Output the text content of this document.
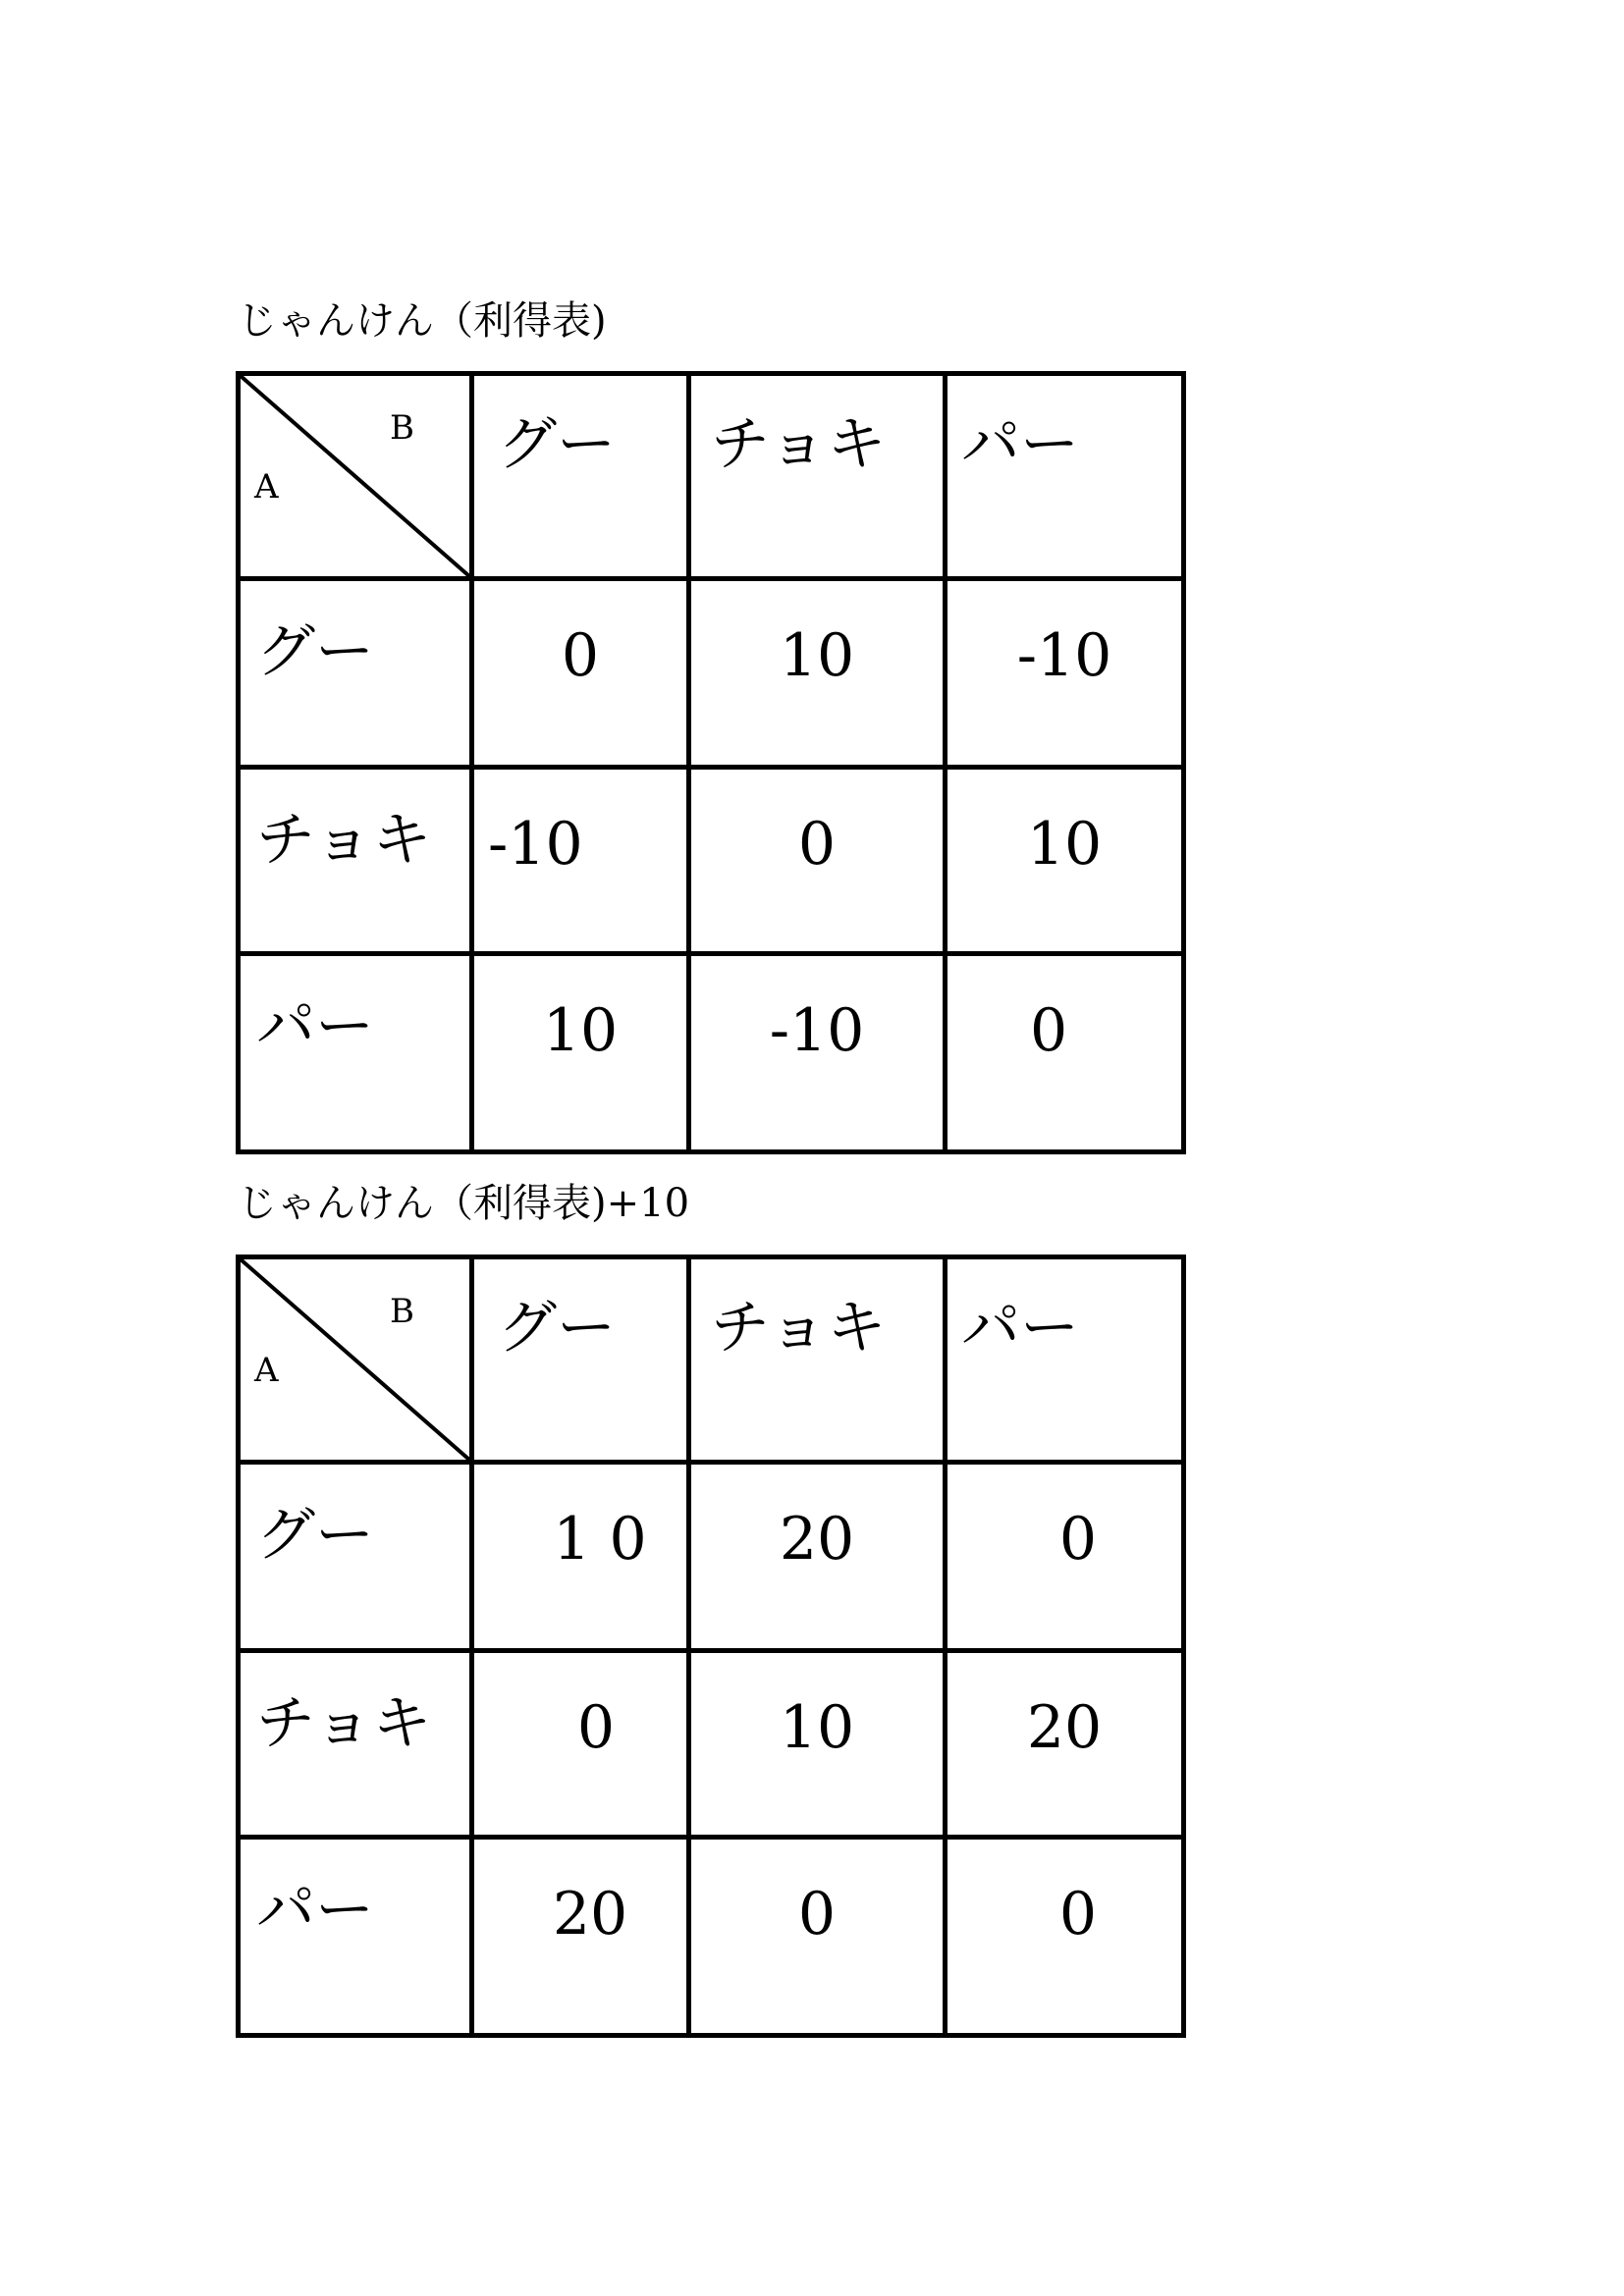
じゃんけん（利得表)
B
A	グー	チョキ	パー

グー	0	10	-10

チョキ	-10	0	10

パー	10	-10	0
じゃんけん（利得表)+10
B
A	グー	チョキ	パー

グー	1 0	20	0

チョキ	0	10	20

パー	20	0	0
